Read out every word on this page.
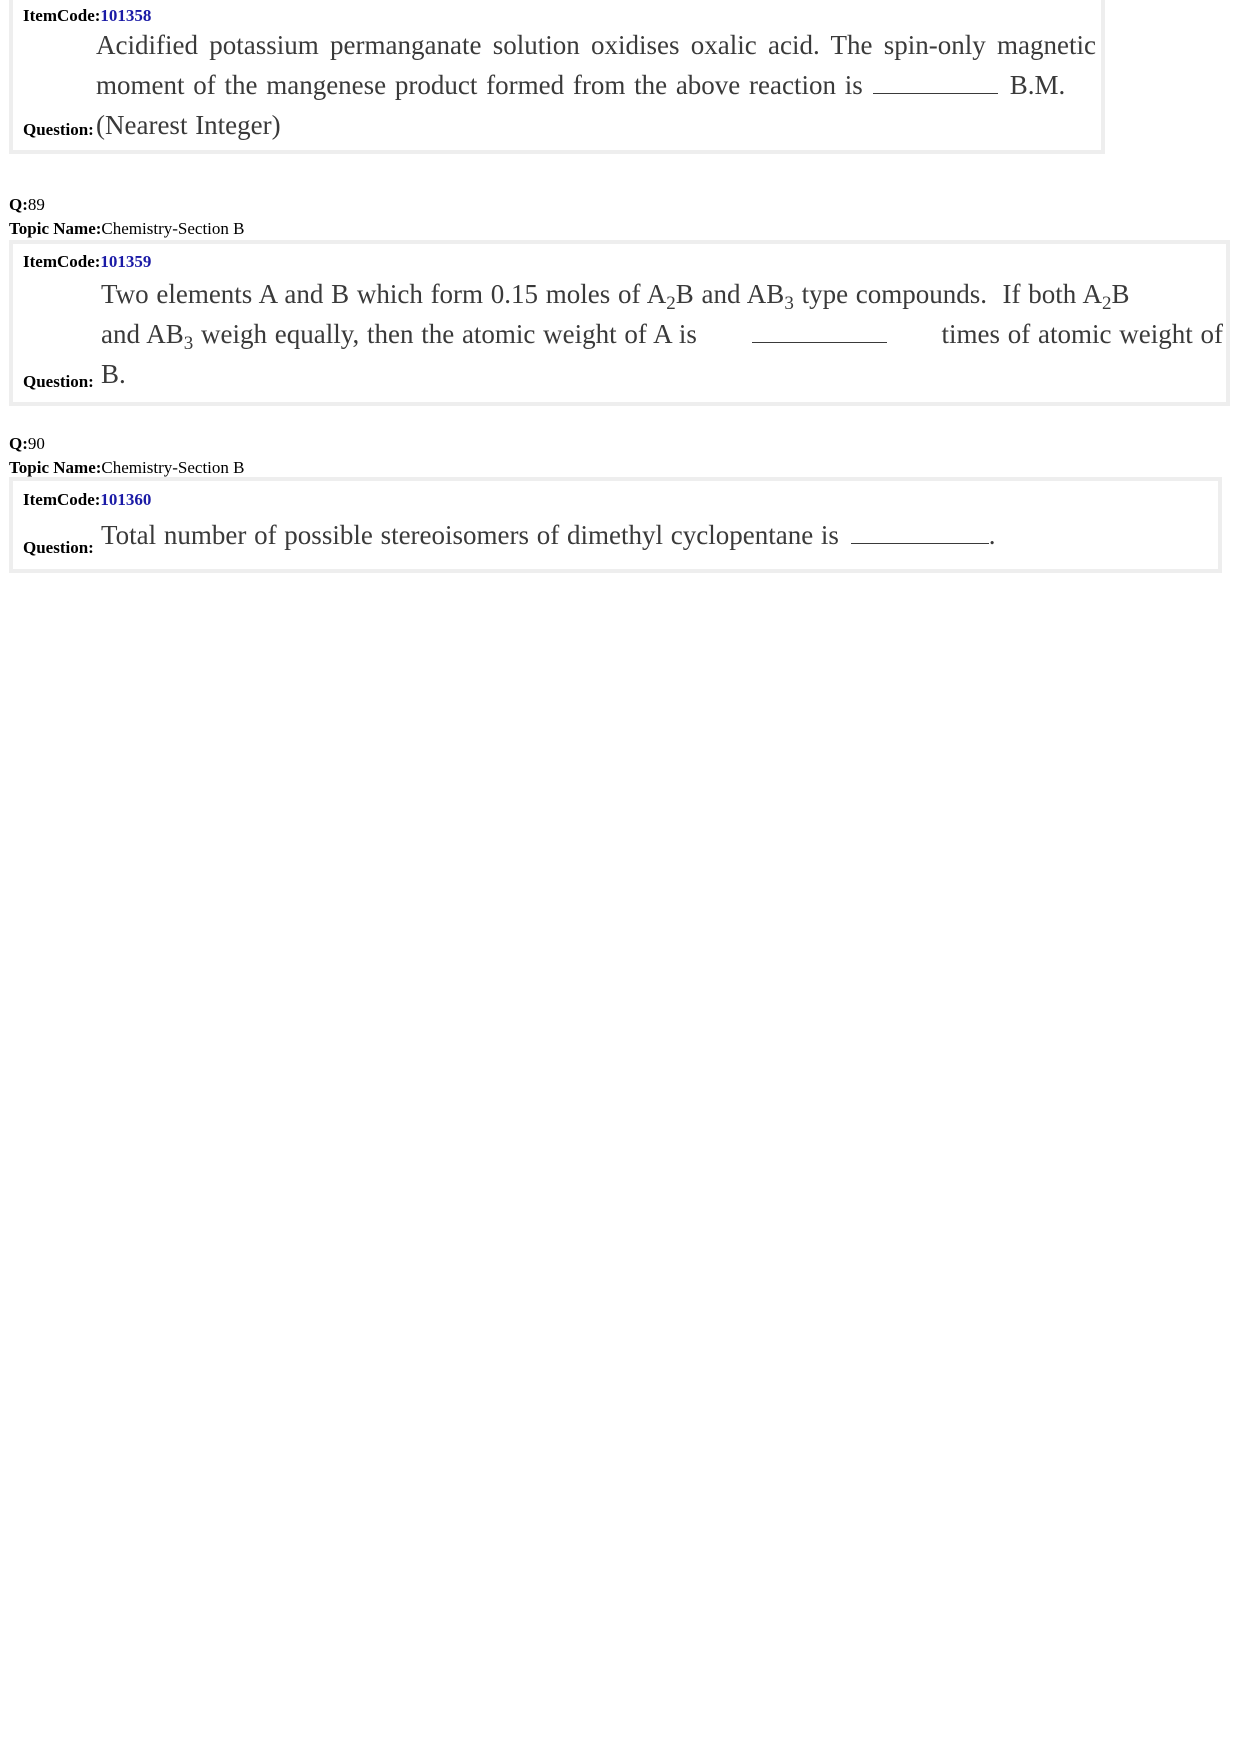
ItemCode:101358
Acidified potassium permanganate solution oxidises oxalic acid. The spin-only magnetic
moment of the mangenese product formed from the above reaction is	B.M.
(Nearest Integer)
Question:
Q:89
Topic Name:Chemistry-Section B
ItemCode:101359
Two elements A and B which form 0.15 moles of $A_2B$ and $AB_3$ type compounds.  If both $A_2B$
and $AB_3$ weigh equally, then the atomic weight of A is	times of atomic weight of
B.
Question:
Q:90
Topic Name:Chemistry-Section B
ItemCode:101360
Total number of possible stereoisomers of dimethyl cyclopentane is	.
Question:
